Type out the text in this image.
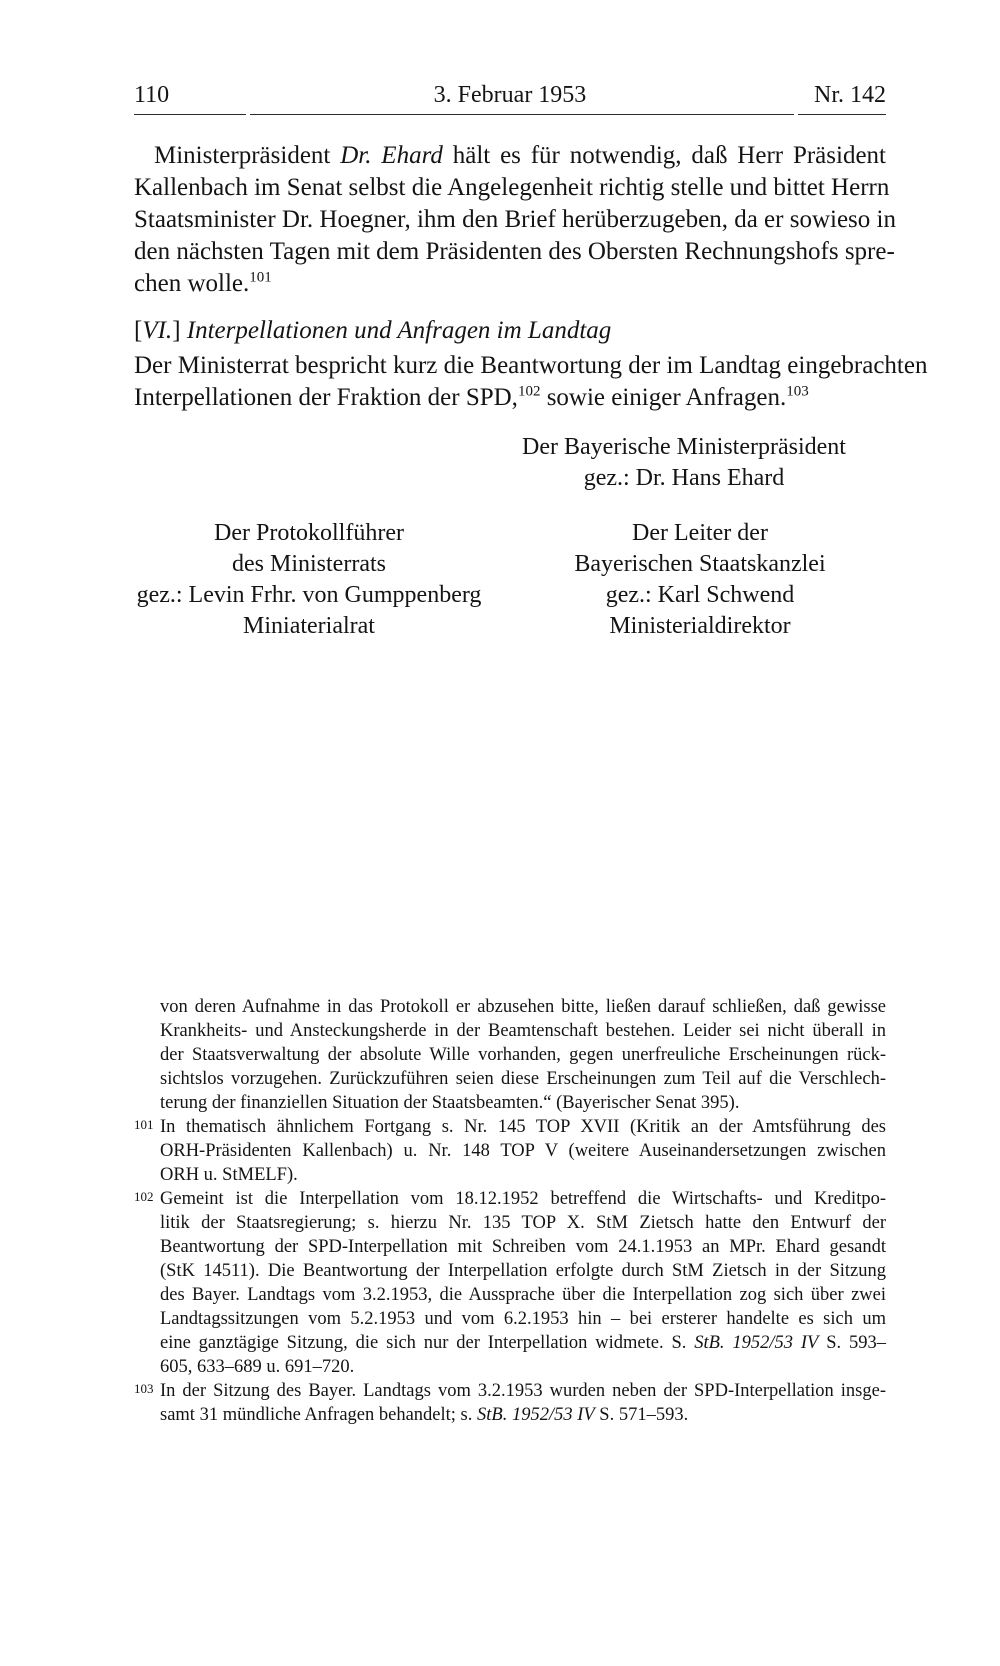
110	3. Februar 1953	Nr. 142
Ministerpräsident Dr. Ehard hält es für notwendig, daß Herr Präsident
Kallenbach im Senat selbst die Angelegenheit richtig stelle und bittet Herrn
Staatsminister Dr. Hoegner, ihm den Brief herüberzugeben, da er sowieso in
den nächsten Tagen mit dem Präsidenten des Obersten Rechnungshofs spre-
chen wolle.$^{101}$
[VI.] Interpellationen und Anfragen im Landtag
Der Ministerrat bespricht kurz die Beantwortung der im Landtag eingebrachten
Interpellationen der Fraktion der SPD,$^{102}$ sowie einiger Anfragen.$^{103}$
Der Bayerische Ministerpräsident
gez.: Dr. Hans Ehard
Der Protokollführer
des Ministerrats
gez.: Levin Frhr. von Gumppenberg
Miniaterialrat
Der Leiter der
Bayerischen Staatskanzlei
gez.: Karl Schwend
Ministerialdirektor
von deren Aufnahme in das Protokoll er abzusehen bitte, ließen darauf schließen, daß gewisse
Krankheits- und Ansteckungsherde in der Beamtenschaft bestehen. Leider sei nicht überall in
der Staatsverwaltung der absolute Wille vorhanden, gegen unerfreuliche Erscheinungen rück-
sichtslos vorzugehen. Zurückzuführen seien diese Erscheinungen zum Teil auf die Verschlech-
terung der finanziellen Situation der Staatsbeamten.“ (Bayerischer Senat 395).
101 In thematisch ähnlichem Fortgang s. Nr. 145 TOP XVII (Kritik an der Amtsführung des
ORH-Präsidenten Kallenbach) u. Nr. 148 TOP V (weitere Auseinandersetzungen zwischen
ORH u. StMELF).
102 Gemeint ist die Interpellation vom 18.12.1952 betreffend die Wirtschafts- und Kreditpo-
litik der Staatsregierung; s. hierzu Nr. 135 TOP X. StM Zietsch hatte den Entwurf der
Beantwortung der SPD-Interpellation mit Schreiben vom 24.1.1953 an MPr. Ehard gesandt
(StK 14511). Die Beantwortung der Interpellation erfolgte durch StM Zietsch in der Sitzung
des Bayer. Landtags vom 3.2.1953, die Aussprache über die Interpellation zog sich über zwei
Landtagssitzungen vom 5.2.1953 und vom 6.2.1953 hin – bei ersterer handelte es sich um
eine ganztägige Sitzung, die sich nur der Interpellation widmete. S. StB. 1952/53 IV S. 593–
605, 633–689 u. 691–720.
103 In der Sitzung des Bayer. Landtags vom 3.2.1953 wurden neben der SPD-Interpellation insge-
samt 31 mündliche Anfragen behandelt; s. StB. 1952/53 IV S. 571–593.
